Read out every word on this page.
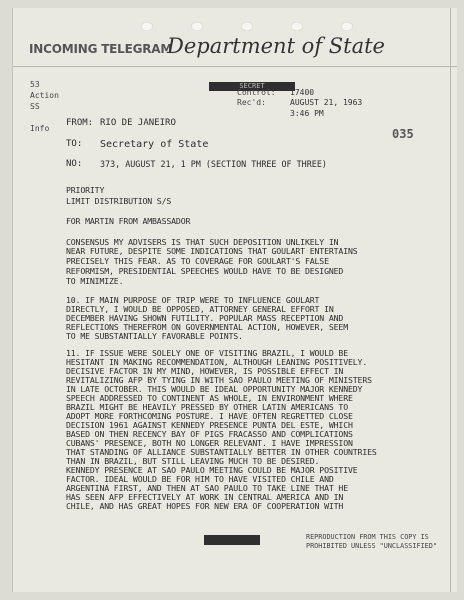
INCOMING TELEGRAM
Department of State
SECRET
53
Action
SS
Info
Control: 17400
Rec'd:	AUGUST 21, 1963
3:46 PM
035
FROM: RIO DE JANEIRO
TO: Secretary of State
NO: 373, AUGUST 21, 1 PM (SECTION THREE OF THREE)
PRIORITY
LIMIT DISTRIBUTION S/S
FOR MARTIN FROM AMBASSADOR
CONSENSUS MY ADVISERS IS THAT SUCH DEPOSITION UNLIKELY IN
NEAR FUTURE, DESPITE SOME INDICATIONS THAT GOULART ENTERTAINS
PRECISELY THIS FEAR. AS TO COVERAGE FOR GOULART'S FALSE
REFORMISM, PRESIDENTIAL SPEECHES WOULD HAVE TO BE DESIGNED
TO MINIMIZE.
10. IF MAIN PURPOSE OF TRIP WERE TO INFLUENCE GOULART
DIRECTLY, I WOULD BE OPPOSED, ATTORNEY GENERAL EFFORT IN
DECEMBER HAVING SHOWN FUTILITY. POPULAR MASS RECEPTION AND
REFLECTIONS THEREFROM ON GOVERNMENTAL ACTION, HOWEVER, SEEM
TO ME SUBSTANTIALLY FAVORABLE POINTS.
11. IF ISSUE WERE SOLELY ONE OF VISITING BRAZIL, I WOULD BE
HESITANT IN MAKING RECOMMENDATION, ALTHOUGH LEANING POSITIVELY.
DECISIVE FACTOR IN MY MIND, HOWEVER, IS POSSIBLE EFFECT IN
REVITALIZING AFP BY TYING IN WITH SAO PAULO MEETING OF MINISTERS
IN LATE OCTOBER. THIS WOULD BE IDEAL OPPORTUNITY MAJOR KENNEDY
SPEECH ADDRESSED TO CONTINENT AS WHOLE, IN ENVIRONMENT WHERE
BRAZIL MIGHT BE HEAVILY PRESSED BY OTHER LATIN AMERICANS TO
ADOPT MORE FORTHCOMING POSTURE. I HAVE OFTEN REGRETTED CLOSE
DECISION 1961 AGAINST KENNEDY PRESENCE PUNTA DEL ESTE, WHICH
BASED ON THEN RECENCY BAY OF PIGS FRACASSO AND COMPLICATIONS
CUBANS' PRESENCE, BOTH NO LONGER RELEVANT. I HAVE IMPRESSION
THAT STANDING OF ALLIANCE SUBSTANTIALLY BETTER IN OTHER COUNTRIES
THAN IN BRAZIL, BUT STILL LEAVING MUCH TO BE DESIRED.
KENNEDY PRESENCE AT SAO PAULO MEETING COULD BE MAJOR POSITIVE
FACTOR. IDEAL WOULD BE FOR HIM TO HAVE VISITED CHILE AND
ARGENTINA FIRST, AND THEN AT SAO PAULO TO TAKE LINE THAT HE
HAS SEEN AFP EFFECTIVELY AT WORK IN CENTRAL AMERICA AND IN
CHILE, AND HAS GREAT HOPES FOR NEW ERA OF COOPERATION WITH
REPRODUCTION FROM THIS COPY IS
PROHIBITED UNLESS "UNCLASSIFIED"
